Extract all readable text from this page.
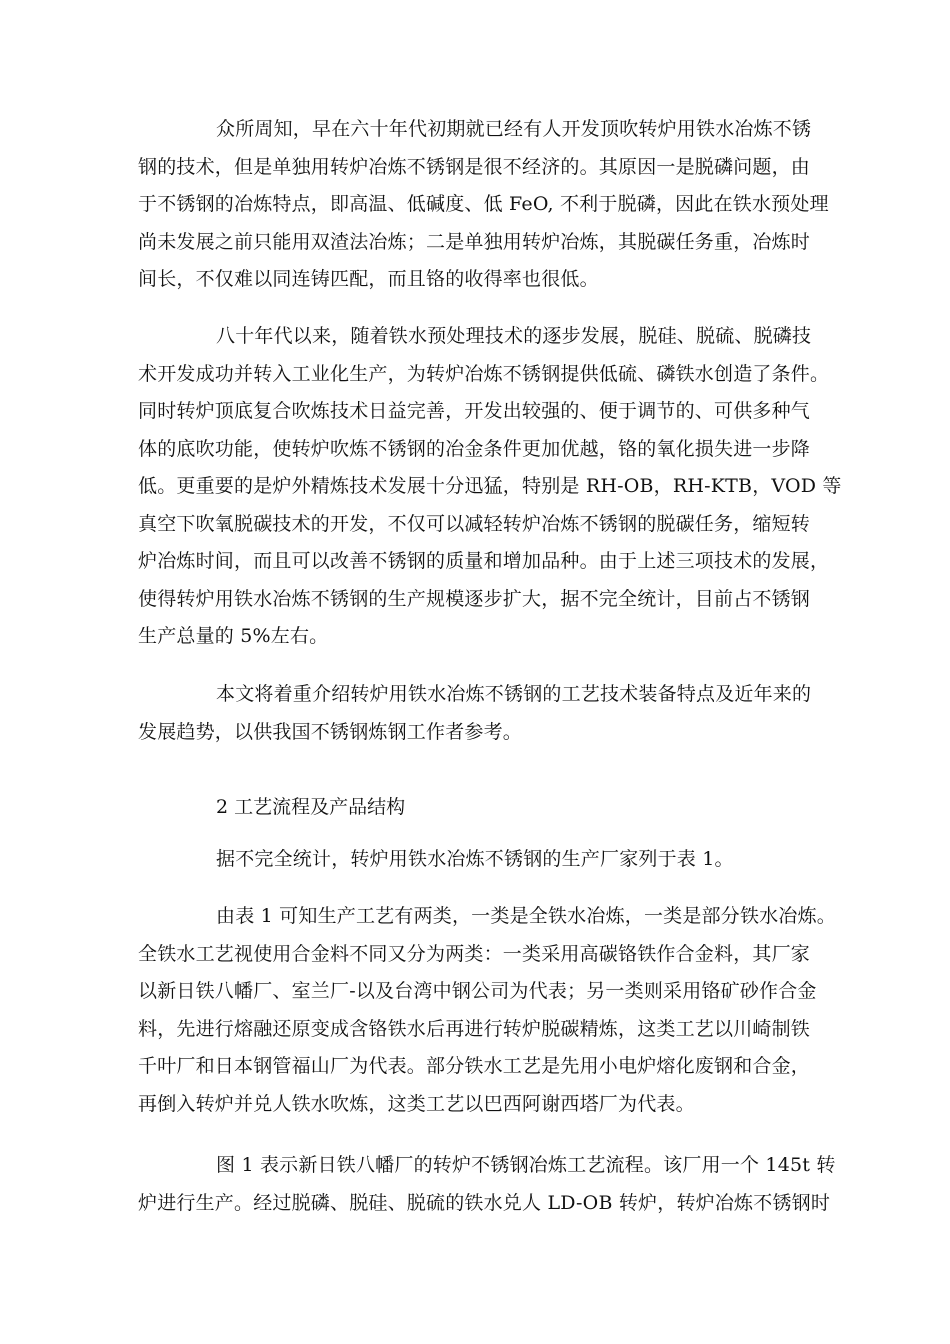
众所周知，早在六十年代初期就已经有人开发顶吹转炉用铁水冶炼不锈
钢的技术，但是单独用转炉冶炼不锈钢是很不经济的。其原因一是脱磷问题，由
于不锈钢的冶炼特点，即高温、低碱度、低 FeO, 不利于脱磷，因此在铁水预处理
尚未发展之前只能用双渣法冶炼；二是单独用转炉冶炼，其脱碳任务重，冶炼时
间长，不仅难以同连铸匹配，而且铬的收得率也很低。

八十年代以来，随着铁水预处理技术的逐步发展，脱硅、脱硫、脱磷技
术开发成功并转入工业化生产，为转炉冶炼不锈钢提供低硫、磷铁水创造了条件。
同时转炉顶底复合吹炼技术日益完善，开发出较强的、便于调节的、可供多种气
体的底吹功能，使转炉吹炼不锈钢的冶金条件更加优越，铬的氧化损失进一步降
低。更重要的是炉外精炼技术发展十分迅猛，特别是 RH-OB，RH-KTB，VOD 等
真空下吹氧脱碳技术的开发，不仅可以减轻转炉冶炼不锈钢的脱碳任务，缩短转
炉冶炼时间，而且可以改善不锈钢的质量和增加品种。由于上述三项技术的发展，
使得转炉用铁水冶炼不锈钢的生产规模逐步扩大，据不完全统计，目前占不锈钢
生产总量的 5%左右。

本文将着重介绍转炉用铁水冶炼不锈钢的工艺技术装备特点及近年来的
发展趋势，以供我国不锈钢炼钢工作者参考。

2 工艺流程及产品结构

据不完全统计，转炉用铁水冶炼不锈钢的生产厂家列于表 1。

由表 1 可知生产工艺有两类，一类是全铁水冶炼，一类是部分铁水冶炼。
全铁水工艺视使用合金料不同又分为两类：一类采用高碳铬铁作合金料，其厂家
以新日铁八幡厂、室兰厂-以及台湾中钢公司为代表；另一类则采用铬矿砂作合金
料，先进行熔融还原变成含铬铁水后再进行转炉脱碳精炼，这类工艺以川崎制铁
千叶厂和日本钢管福山厂为代表。部分铁水工艺是先用小电炉熔化废钢和合金，
再倒入转炉并兑人铁水吹炼，这类工艺以巴西阿谢西塔厂为代表。

图 1 表示新日铁八幡厂的转炉不锈钢冶炼工艺流程。该厂用一个 145t 转
炉进行生产。经过脱磷、脱硅、脱硫的铁水兑人 LD-OB 转炉，转炉冶炼不锈钢时
